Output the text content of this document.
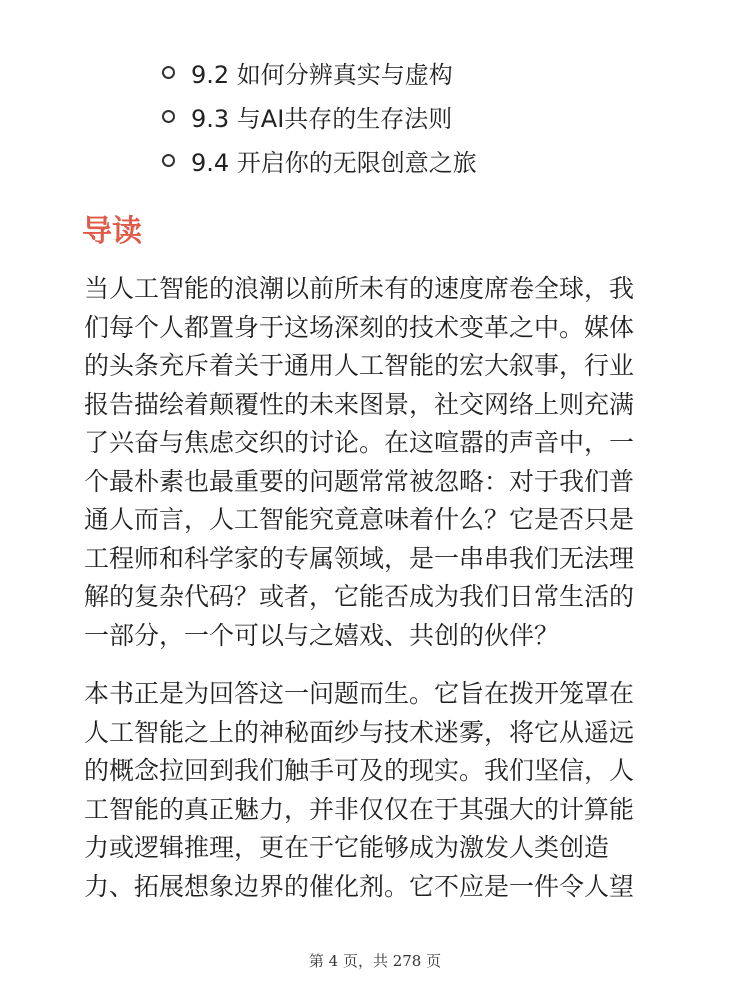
9.2 如何分辨真实与虚构
9.3 与AI共存的生存法则
9.4 开启你的无限创意之旅
导读

当人工智能的浪潮以前所未有的速度席卷全球，我
们每个人都置身于这场深刻的技术变革之中。媒体
的头条充斥着关于通用人工智能的宏大叙事，行业
报告描绘着颠覆性的未来图景，社交网络上则充满
了兴奋与焦虑交织的讨论。在这喧嚣的声音中，一
个最朴素也最重要的问题常常被忽略：对于我们普
通人而言，人工智能究竟意味着什么？它是否只是
工程师和科学家的专属领域，是一串串我们无法理
解的复杂代码？或者，它能否成为我们日常生活的
一部分，一个可以与之嬉戏、共创的伙伴？

本书正是为回答这一问题而生。它旨在拨开笼罩在
人工智能之上的神秘面纱与技术迷雾，将它从遥远
的概念拉回到我们触手可及的现实。我们坚信，人
工智能的真正魅力，并非仅仅在于其强大的计算能
力或逻辑推理，更在于它能够成为激发人类创造
力、拓展想象边界的催化剂。它不应是一件令人望

第 4 页，共 278 页
